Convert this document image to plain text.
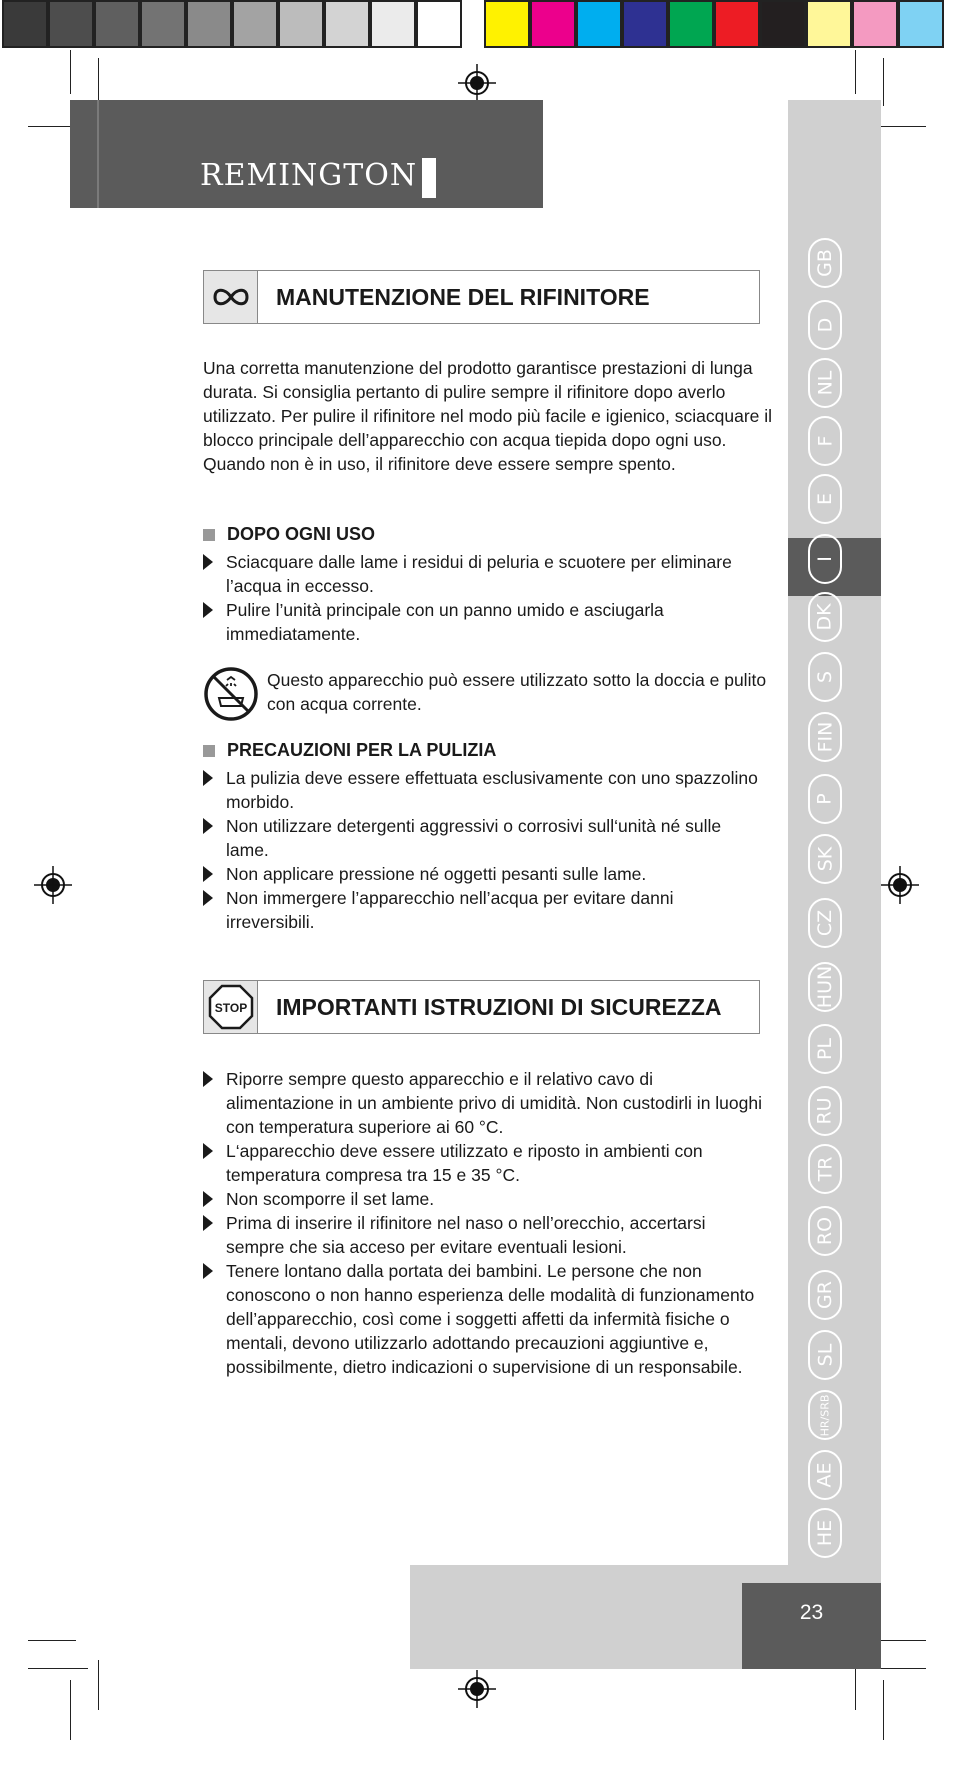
REMINGTON
GB
D
NL
F
E
I
DK
S
FIN
P
SK
CZ
HUN
PL
RU
TR
RO
GR
SL
HR/SRB
AE
HE
MANUTENZIONE DEL RIFINITORE
Una corretta manutenzione del prodotto garantisce prestazioni di lunga durata. Si consiglia pertanto di pulire sempre il rifinitore dopo averlo utilizzato. Per pulire il rifinitore nel modo più facile e igienico, sciacquare il blocco principale dell’apparecchio con acqua tiepida dopo ogni uso. Quando non è in uso, il rifinitore deve essere sempre spento.
DOPO OGNI USO
Sciacquare dalle lame i residui di peluria e scuotere per eliminare l’acqua in eccesso.
Pulire l’unità principale con un panno umido e asciugarla immediatamente.
Questo apparecchio può essere utilizzato sotto la doccia e pulito con acqua corrente.
PRECAUZIONI PER LA PULIZIA
La pulizia deve essere effettuata esclusivamente con uno spazzolino morbido.
Non utilizzare detergenti aggressivi o corrosivi sull‘unità né sulle lame.
Non applicare pressione né oggetti pesanti sulle lame.
Non immergere l’apparecchio nell’acqua per evitare danni irreversibili.
STOP IMPORTANTI ISTRUZIONI DI SICUREZZA
Riporre sempre questo apparecchio e il relativo cavo di alimentazione in un ambiente privo di umidità. Non custodirli in luoghi con temperatura superiore ai 60 °C.
L‘apparecchio deve essere utilizzato e riposto in ambienti con temperatura compresa tra 15 e 35 °C.
Non scomporre il set lame.
Prima di inserire il rifinitore nel naso o nell’orecchio, accertarsi sempre che sia acceso per evitare eventuali lesioni.
Tenere lontano dalla portata dei bambini. Le persone che non conoscono o non hanno esperienza delle modalità di funzionamento dell’apparecchio, così come i soggetti affetti da infermità fisiche o mentali, devono utilizzarlo adottando precauzioni aggiuntive e, possibilmente, dietro indicazioni o supervisione di un responsabile.
23
